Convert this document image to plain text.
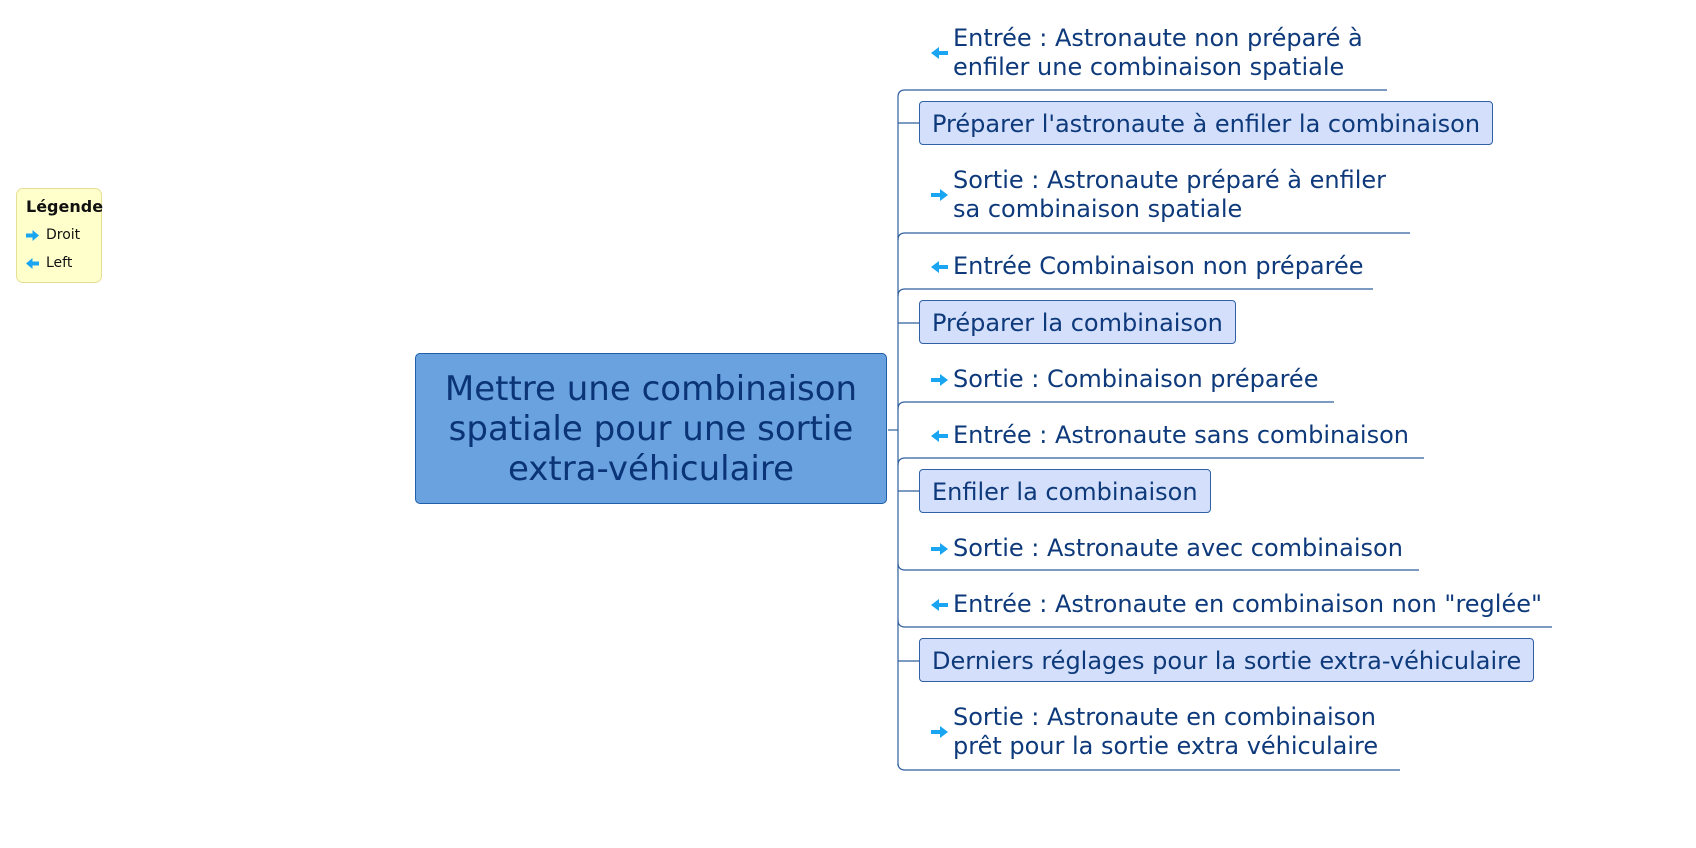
Légende
Droit
Left
Mettre une combinaison spatiale pour une sortie extra-véhiculaire
Entrée : Astronaute non préparé à
enfiler une combinaison spatiale
Préparer l'astronaute à enfiler la combinaison
Sortie : Astronaute préparé à enfiler
sa combinaison spatiale
Entrée Combinaison non préparée
Préparer la combinaison
Sortie : Combinaison préparée
Entrée : Astronaute sans combinaison
Enfiler la combinaison
Sortie : Astronaute avec combinaison
Entrée : Astronaute en combinaison non "reglée"
Derniers réglages pour la sortie extra-véhiculaire
Sortie : Astronaute en combinaison
prêt pour la sortie extra véhiculaire
